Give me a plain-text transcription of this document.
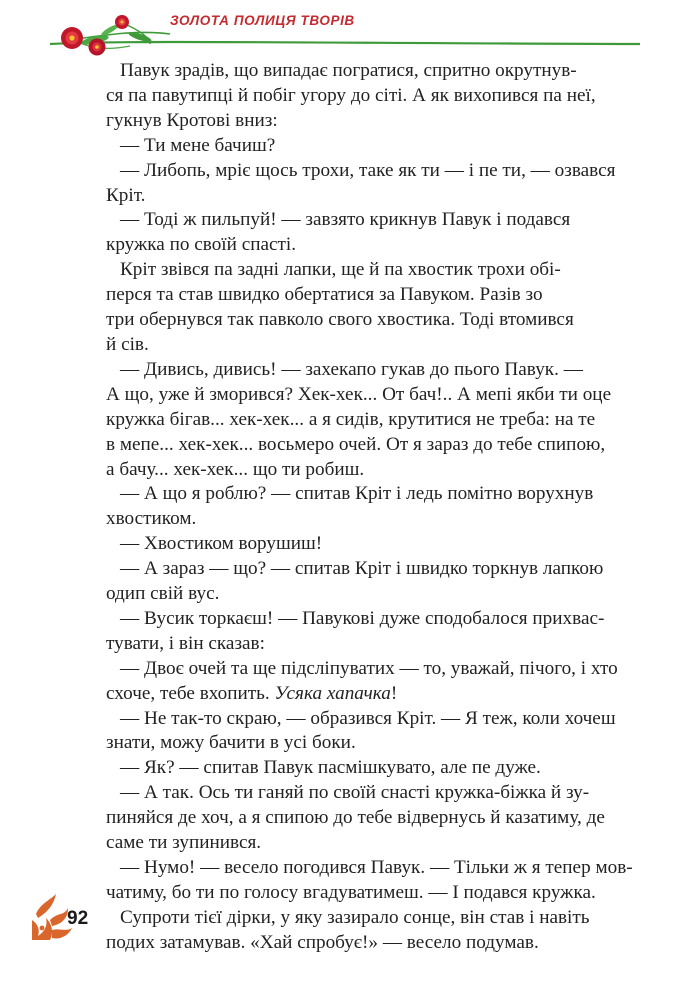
ЗОЛОТА ПОЛИЦЯ ТВОРІВ

Павук зрадів, що випадає погратися, спритно окрутнув-
ся па павутипці й побіг угору до сіті. А як вихопився па неї,
гукнув Кротові вниз:

— Ти мене бачиш?

— Либопь, мріє щось трохи, таке як ти — і пе ти, — озвався
Кріт.

— Тоді ж пильпуй! — завзято крикнув Павук і подався
кружка по своїй спасті.

Кріт звівся па задні лапки, ще й па хвостик трохи обі-
перся та став швидко обертатися за Павуком. Разів зо
три обернувся так павколо свого хвостика. Тоді втомився
й сів.

— Дивись, дивись! — захекапо гукав до пього Павук. —
А що, уже й зморився? Хек-хек... От бач!.. А мепі якби ти оце
кружка бігав... хек-хек... а я сидів, крутитися не треба: на те
в мепе... хек-хек... восьмеро очей. От я зараз до тебе спипою,
а бачу... хек-хек... що ти робиш.

— А що я роблю? — спитав Кріт і ледь помітно ворухнув
хвостиком.

— Хвостиком ворушиш!

— А зараз — що? — спитав Кріт і швидко торкнув лапкою
одип свій вус.

— Вусик торкаєш! — Павукові дуже сподобалося прихвас-
тувати, і він сказав:

— Двоє очей та ще підсліпуватих — то, уважай, пічого, і хто
схоче, тебе вхопить. Усяка хапачка!

— Не так-то скраю, — образився Кріт. — Я теж, коли хочеш
знати, можу бачити в усі боки.

— Як? — спитав Павук пасмішкувато, але пе дуже.

— А так. Ось ти ганяй по своїй снасті кружка-біжка й зу-
пиняйся де хоч, а я спипою до тебе відвернусь й казатиму, де
саме ти зупинився.

— Нумо! — весело погодився Павук. — Тільки ж я тепер мов-
чатиму, бо ти по голосу вгадуватимеш. — І подався кружка.

Супроти тієї дірки, у яку зазирало сонце, він став і навіть
подих затамував. «Хай спробує!» — весело подумав.

92
